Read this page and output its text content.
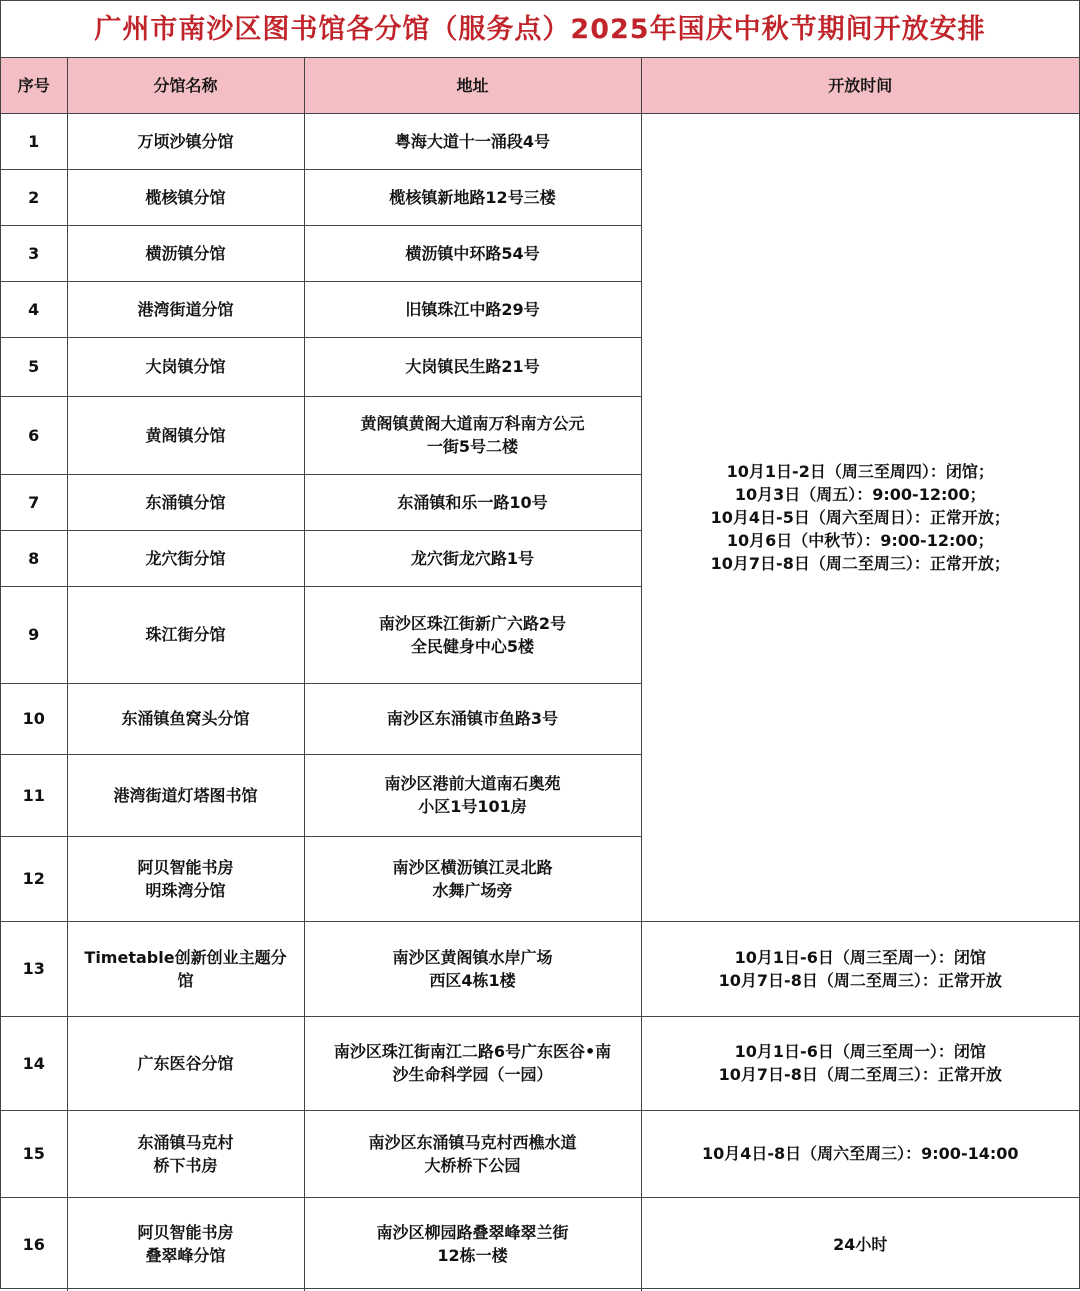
广州市南沙区图书馆各分馆（服务点）2025年国庆中秋节期间开放安排
序号	分馆名称	地址	开放时间
1	万顷沙镇分馆	粤海大道十一涌段4号	10月1日-2日（周三至周四）：闭馆；
10月3日（周五）：9:00-12:00；
10月4日-5日（周六至周日）：正常开放；
10月6日（中秋节）：9:00-12:00；
10月7日-8日（周二至周三）：正常开放；
2	榄核镇分馆	榄核镇新地路12号三楼	
3	横沥镇分馆	横沥镇中环路54号	
4	港湾街道分馆	旧镇珠江中路29号	
5	大岗镇分馆	大岗镇民生路21号	
6	黄阁镇分馆	黄阁镇黄阁大道南万科南方公元
一街5号二楼	
7	东涌镇分馆	东涌镇和乐一路10号	
8	龙穴街分馆	龙穴街龙穴路1号	
9	珠江街分馆	南沙区珠江街新广六路2号
全民健身中心5楼	
10	东涌镇鱼窝头分馆	南沙区东涌镇市鱼路3号	
11	港湾街道灯塔图书馆	南沙区港前大道南石奥苑
小区1号101房	
12	阿贝智能书房
明珠湾分馆	南沙区横沥镇江灵北路
水舞广场旁	
13	Timetable创新创业主题分
馆	南沙区黄阁镇水岸广场
西区4栋1楼	10月1日-6日（周三至周一）：闭馆
10月7日-8日（周二至周三）：正常开放
14	广东医谷分馆	南沙区珠江街南江二路6号广东医谷•南
沙生命科学园（一园）	10月1日-6日（周三至周一）：闭馆
10月7日-8日（周二至周三）：正常开放
15	东涌镇马克村
桥下书房	南沙区东涌镇马克村西樵水道
大桥桥下公园	10月4日-8日（周六至周三）：9:00-14:00
16	阿贝智能书房
叠翠峰分馆	南沙区柳园路叠翠峰翠兰街
12栋一楼	24小时
